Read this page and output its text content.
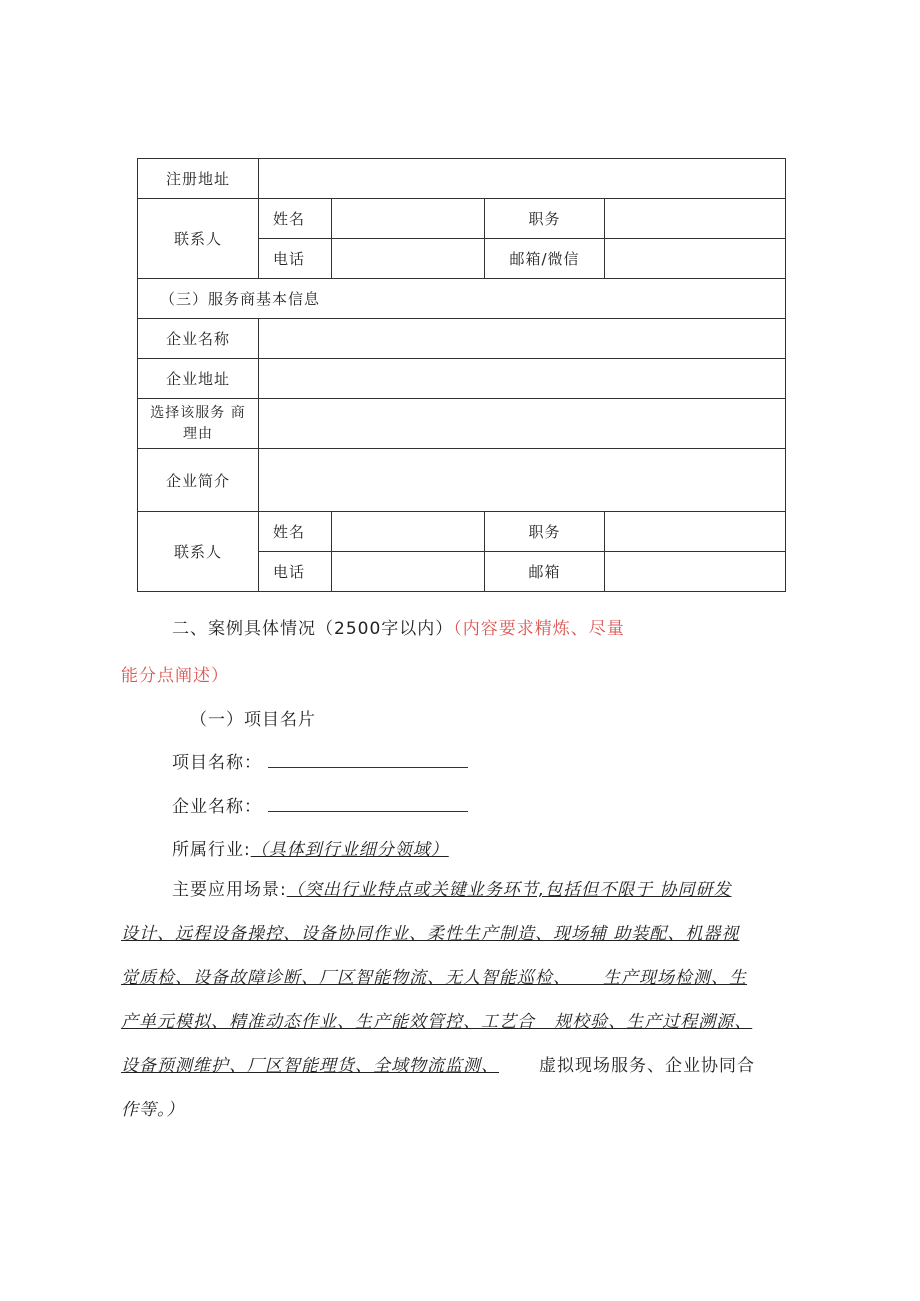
注册地址				
联系人	姓名		职务	
	电话		邮箱/微信	
（三）服务商基本信息				
企业名称				
企业地址				

选择该服务 商
理由				

企业简介				
联系人	姓名		职务	
	电话		邮箱	
二、案例具体情况（2500字以内）（内容要求精炼、尽量
能分点阐述）
（一）项目名片
项目名称：
企业名称：
所属行业:（具体到行业细分领域）
主要应用场景:（突出行业特点或关键业务环节,包括但不限于 协同研发
设计、远程设备操控、设备协同作业、柔性生产制造、现场辅 助装配、机器视
觉质检、设备故障诊断、厂区智能物流、无人智能巡检、     生产现场检测、生
产单元模拟、精准动态作业、生产能效管控、工艺合   规校验、生产过程溯源、
设备预测维护、厂区智能理货、全域物流监测、 虚拟现场服务、企业协同合
作等。）
